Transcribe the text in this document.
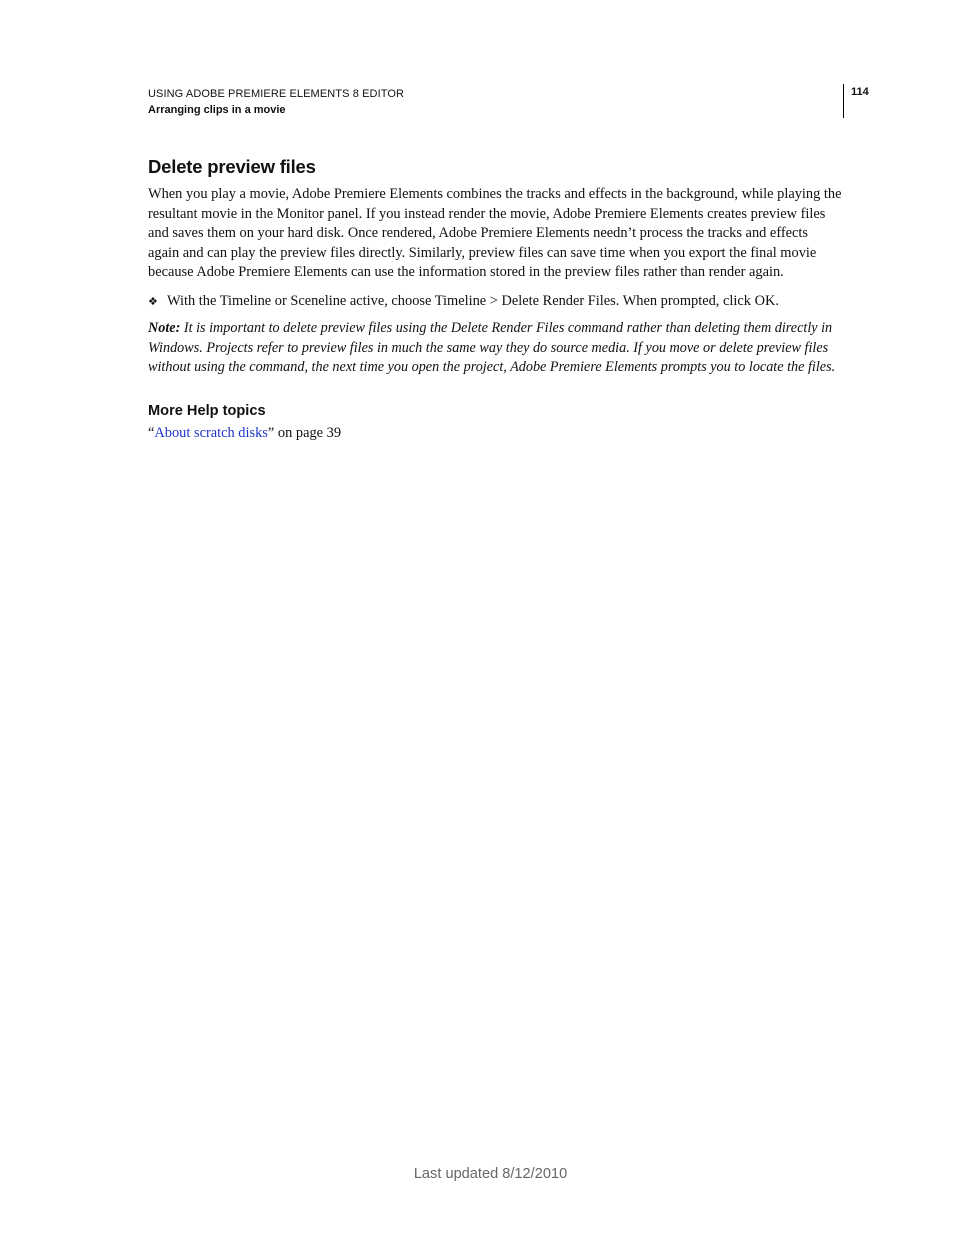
USING ADOBE PREMIERE ELEMENTS 8 EDITOR
Arranging clips in a movie
114
Delete preview files

When you play a movie, Adobe Premiere Elements combines the tracks and effects in the background, while playing the resultant movie in the Monitor panel. If you instead render the movie, Adobe Premiere Elements creates preview files and saves them on your hard disk. Once rendered, Adobe Premiere Elements needn’t process the tracks and effects again and can play the preview files directly. Similarly, preview files can save time when you export the final movie because Adobe Premiere Elements can use the information stored in the preview files rather than render again.

❖ With the Timeline or Sceneline active, choose Timeline > Delete Render Files. When prompted, click OK.

Note: It is important to delete preview files using the Delete Render Files command rather than deleting them directly in Windows. Projects refer to preview files in much the same way they do source media. If you move or delete preview files without using the command, the next time you open the project, Adobe Premiere Elements prompts you to locate the files.

More Help topics
“About scratch disks” on page 39
Last updated 8/12/2010
